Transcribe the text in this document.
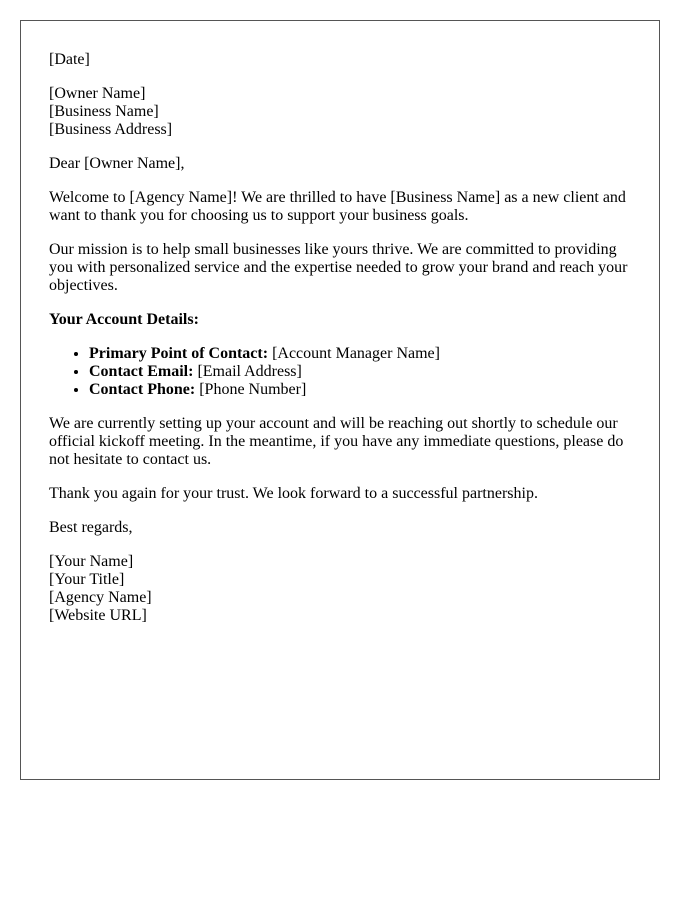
[Date]

[Owner Name]

[Business Name]

[Business Address]

Dear [Owner Name],

Welcome to [Agency Name]! We are thrilled to have [Business Name] as a new client and want to thank you for choosing us to support your business goals.

Our mission is to help small businesses like yours thrive. We are committed to providing you with personalized service and the expertise needed to grow your brand and reach your objectives.

Your Account Details:

• Primary Point of Contact: [Account Manager Name]
• Contact Email: [Email Address]
• Contact Phone: [Phone Number]

We are currently setting up your account and will be reaching out shortly to schedule our official kickoff meeting. In the meantime, if you have any immediate questions, please do not hesitate to contact us.

Thank you again for your trust. We look forward to a successful partnership.

Best regards,

[Your Name]

[Your Title]

[Agency Name]

[Website URL]
